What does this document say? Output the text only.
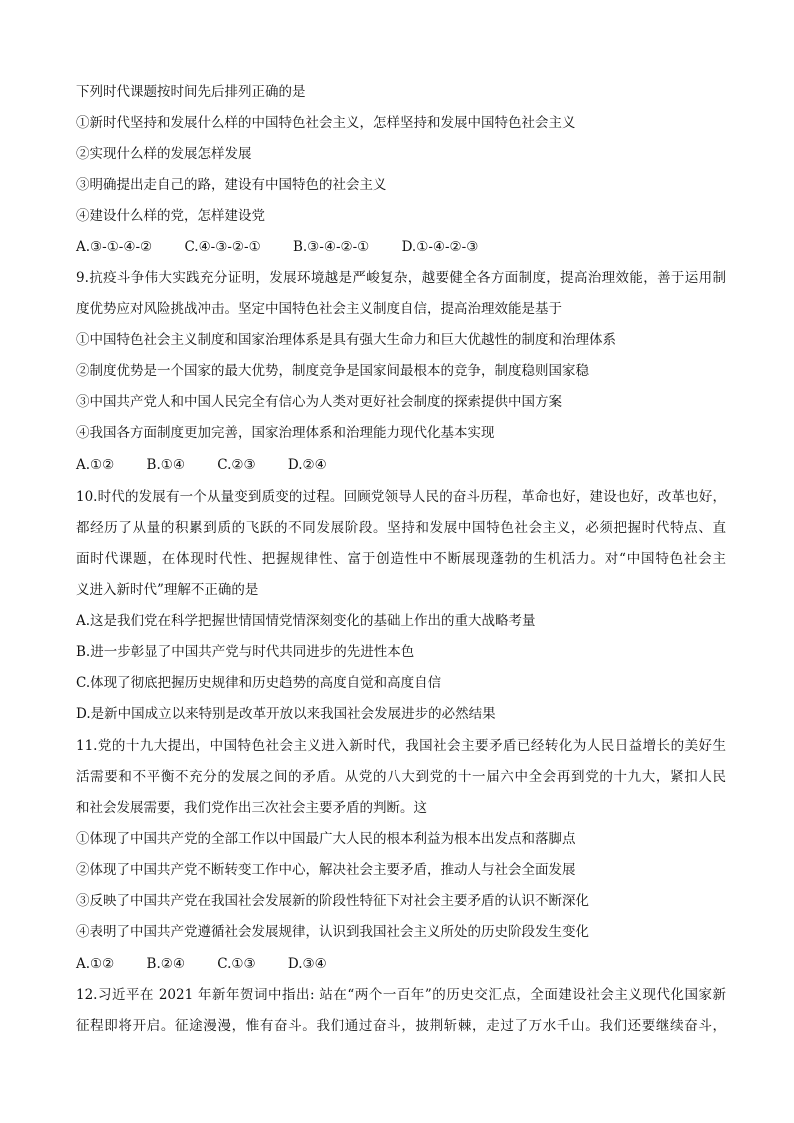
下列时代课题按时间先后排列正确的是
①新时代坚持和发展什么样的中国特色社会主义，怎样坚持和发展中国特色社会主义
②实现什么样的发展怎样发展
③明确提出走自己的路，建设有中国特色的社会主义
④建设什么样的党，怎样建设党
A.③-①-④-② C.④-③-②-① B.③-④-②-① D.①-④-②-③
9.抗疫斗争伟大实践充分证明，发展环境越是严峻复杂，越要健全各方面制度，提高治理效能，善于运用制
度优势应对风险挑战冲击。坚定中国特色社会主义制度自信，提高治理效能是基于
①中国特色社会主义制度和国家治理体系是具有强大生命力和巨大优越性的制度和治理体系
②制度优势是一个国家的最大优势，制度竞争是国家间最根本的竞争，制度稳则国家稳
③中国共产党人和中国人民完全有信心为人类对更好社会制度的探索提供中国方案
④我国各方面制度更加完善，国家治理体系和治理能力现代化基本实现
A.①② B.①④ C.②③ D.②④
10.时代的发展有一个从量变到质变的过程。回顾党领导人民的奋斗历程，革命也好，建设也好，改革也好，
都经历了从量的积累到质的飞跃的不同发展阶段。坚持和发展中国特色社会主义，必须把握时代特点、直
面时代课题，在体现时代性、把握规律性、富于创造性中不断展现蓬勃的生机活力。对“中国特色社会主
义进入新时代”理解不正确的是
A.这是我们党在科学把握世情国情党情深刻变化的基础上作出的重大战略考量
B.进一步彰显了中国共产党与时代共同进步的先进性本色
C.体现了彻底把握历史规律和历史趋势的高度自觉和高度自信
D.是新中国成立以来特别是改革开放以来我国社会发展进步的必然结果
11.党的十九大提出，中国特色社会主义进入新时代，我国社会主要矛盾已经转化为人民日益增长的美好生
活需要和不平衡不充分的发展之间的矛盾。从党的八大到党的十一届六中全会再到党的十九大，紧扣人民
和社会发展需要，我们党作出三次社会主要矛盾的判断。这
①体现了中国共产党的全部工作以中国最广大人民的根本利益为根本出发点和落脚点
②体现了中国共产党不断转变工作中心，解决社会主要矛盾，推动人与社会全面发展
③反映了中国共产党在我国社会发展新的阶段性特征下对社会主要矛盾的认识不断深化
④表明了中国共产党遵循社会发展规律，认识到我国社会主义所处的历史阶段发生变化
A.①② B.②④ C.①③ D.③④
12.习近平在 2021 年新年贺词中指出: 站在“两个一百年”的历史交汇点，全面建设社会主义现代化国家新
征程即将开启。征途漫漫，惟有奋斗。我们通过奋斗，披荆斩棘，走过了万水千山。我们还要继续奋斗，
